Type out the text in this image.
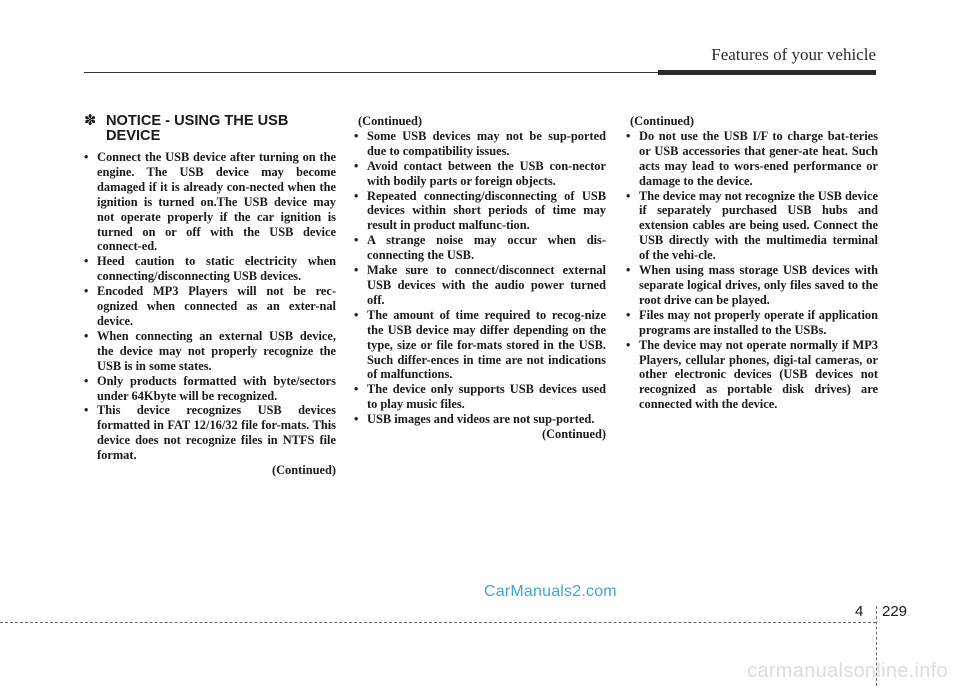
Features of your vehicle
✽ NOTICE - USING THE USB DEVICE
• Connect the USB device after turning on the engine. The USB device may become damaged if it is already con-nected when the ignition is turned on.The USB device may not operate properly if the car ignition is turned on or off with the USB device connect-ed.
• Heed caution to static electricity when connecting/disconnecting USB devices.
• Encoded MP3 Players will not be rec-ognized when connected as an exter-nal device.
• When connecting an external USB device, the device may not properly recognize the USB is in some states.
• Only products formatted with byte/sectors under 64Kbyte will be recognized.
• This device recognizes USB devices formatted in FAT 12/16/32 file for-mats. This device does not recognize files in NTFS file format.
(Continued)
(Continued)
• Some USB devices may not be sup-ported due to compatibility issues.
• Avoid contact between the USB con-nector with bodily parts or foreign objects.
• Repeated connecting/disconnecting of USB devices within short periods of time may result in product malfunc-tion.
• A strange noise may occur when dis-connecting the USB.
• Make sure to connect/disconnect external USB devices with the audio power turned off.
• The amount of time required to recog-nize the USB device may differ depending on the type, size or file for-mats stored in the USB. Such differ-ences in time are not indications of malfunctions.
• The device only supports USB devices used to play music files.
• USB images and videos are not sup-ported.
(Continued)
(Continued)
• Do not use the USB I/F to charge bat-teries or USB accessories that gener-ate heat. Such acts may lead to wors-ened performance or damage to the device.
• The device may not recognize the USB device if separately purchased USB hubs and extension cables are being used. Connect the USB directly with the multimedia terminal of the vehi-cle.
• When using mass storage USB devices with separate logical drives, only files saved to the root drive can be played.
• Files may not properly operate if application programs are installed to the USBs.
• The device may not operate normally if MP3 Players, cellular phones, digi-tal cameras, or other electronic devices (USB devices not recognized as portable disk drives) are connected with the device.
CarManuals2.com
4 229
carmanualsonline.info
